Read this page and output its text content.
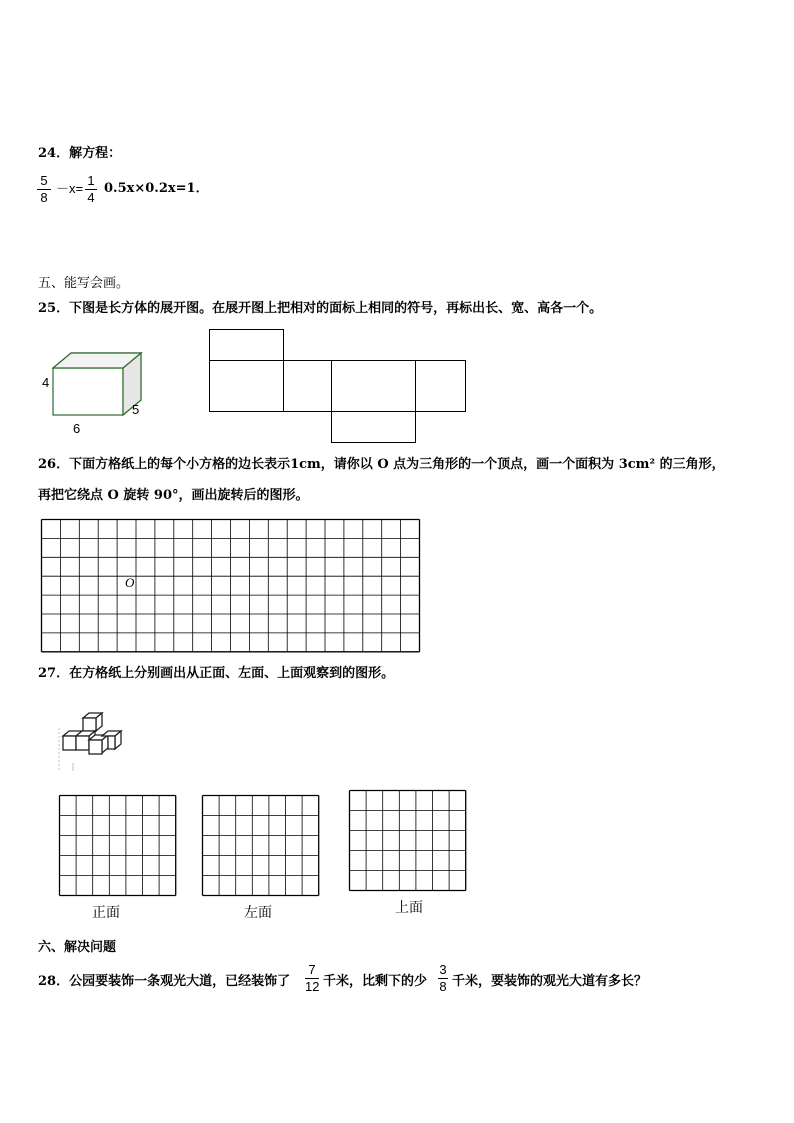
24．解方程：
5
8
－x=
1
4
0.5x×0.2x=1．
五、能写会画。
25．下图是长方体的展开图。在展开图上把相对的面标上相同的符号，再标出长、宽、高各一个。
4
6
5
26．下面方格纸上的每个小方格的边长表示1cm，请你以 O 点为三角形的一个顶点，画一个面积为 3cm² 的三角形，
再把它绕点 O 旋转 90°，画出旋转后的图形。
O
27．在方格纸上分别画出从正面、左面、上面观察到的图形。
正面	左面	上面
六、解决问题
28．公园要装饰一条观光大道，已经装饰了
7
12 千米，比剩下的少
3
8 千米，要装饰的观光大道有多长？
